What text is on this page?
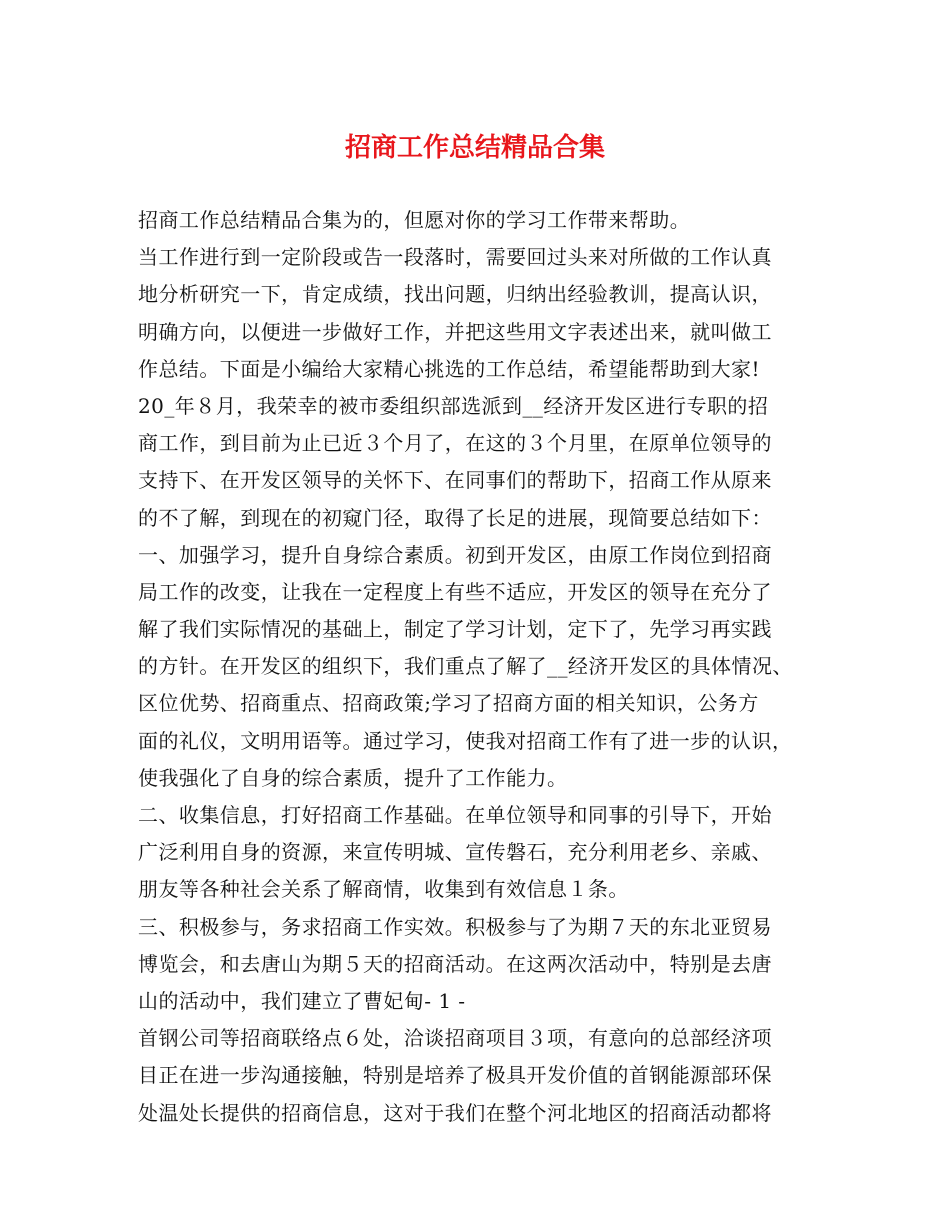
招商工作总结精品合集
招商工作总结精品合集为的，但愿对你的学习工作带来帮助。
当工作进行到一定阶段或告一段落时，需要回过头来对所做的工作认真
地分析研究一下，肯定成绩，找出问题，归纳出经验教训，提高认识，
明确方向，以便进一步做好工作，并把这些用文字表述出来，就叫做工
作总结。下面是小编给大家精心挑选的工作总结，希望能帮助到大家!
20_年８月，我荣幸的被市委组织部选派到__经济开发区进行专职的招
商工作，到目前为止已近３个月了，在这的３个月里，在原单位领导的
支持下、在开发区领导的关怀下、在同事们的帮助下，招商工作从原来
的不了解，到现在的初窥门径，取得了长足的进展，现简要总结如下：
一、加强学习，提升自身综合素质。初到开发区，由原工作岗位到招商
局工作的改变，让我在一定程度上有些不适应，开发区的领导在充分了
解了我们实际情况的基础上，制定了学习计划，定下了，先学习再实践
的方针。在开发区的组织下，我们重点了解了__经济开发区的具体情况、
区位优势、招商重点、招商政策;学习了招商方面的相关知识，公务方
面的礼仪，文明用语等。通过学习，使我对招商工作有了进一步的认识，
使我强化了自身的综合素质，提升了工作能力。
二、收集信息，打好招商工作基础。在单位领导和同事的引导下，开始
广泛利用自身的资源，来宣传明城、宣传磐石，充分利用老乡、亲戚、
朋友等各种社会关系了解商情，收集到有效信息１条。
三、积极参与，务求招商工作实效。积极参与了为期７天的东北亚贸易
博览会，和去唐山为期５天的招商活动。在这两次活动中，特别是去唐
山的活动中，我们建立了曹妃甸- 1 -
首钢公司等招商联络点６处，洽谈招商项目３项，有意向的总部经济项
目正在进一步沟通接触，特别是培养了极具开发价值的首钢能源部环保
处温处长提供的招商信息，这对于我们在整个河北地区的招商活动都将
